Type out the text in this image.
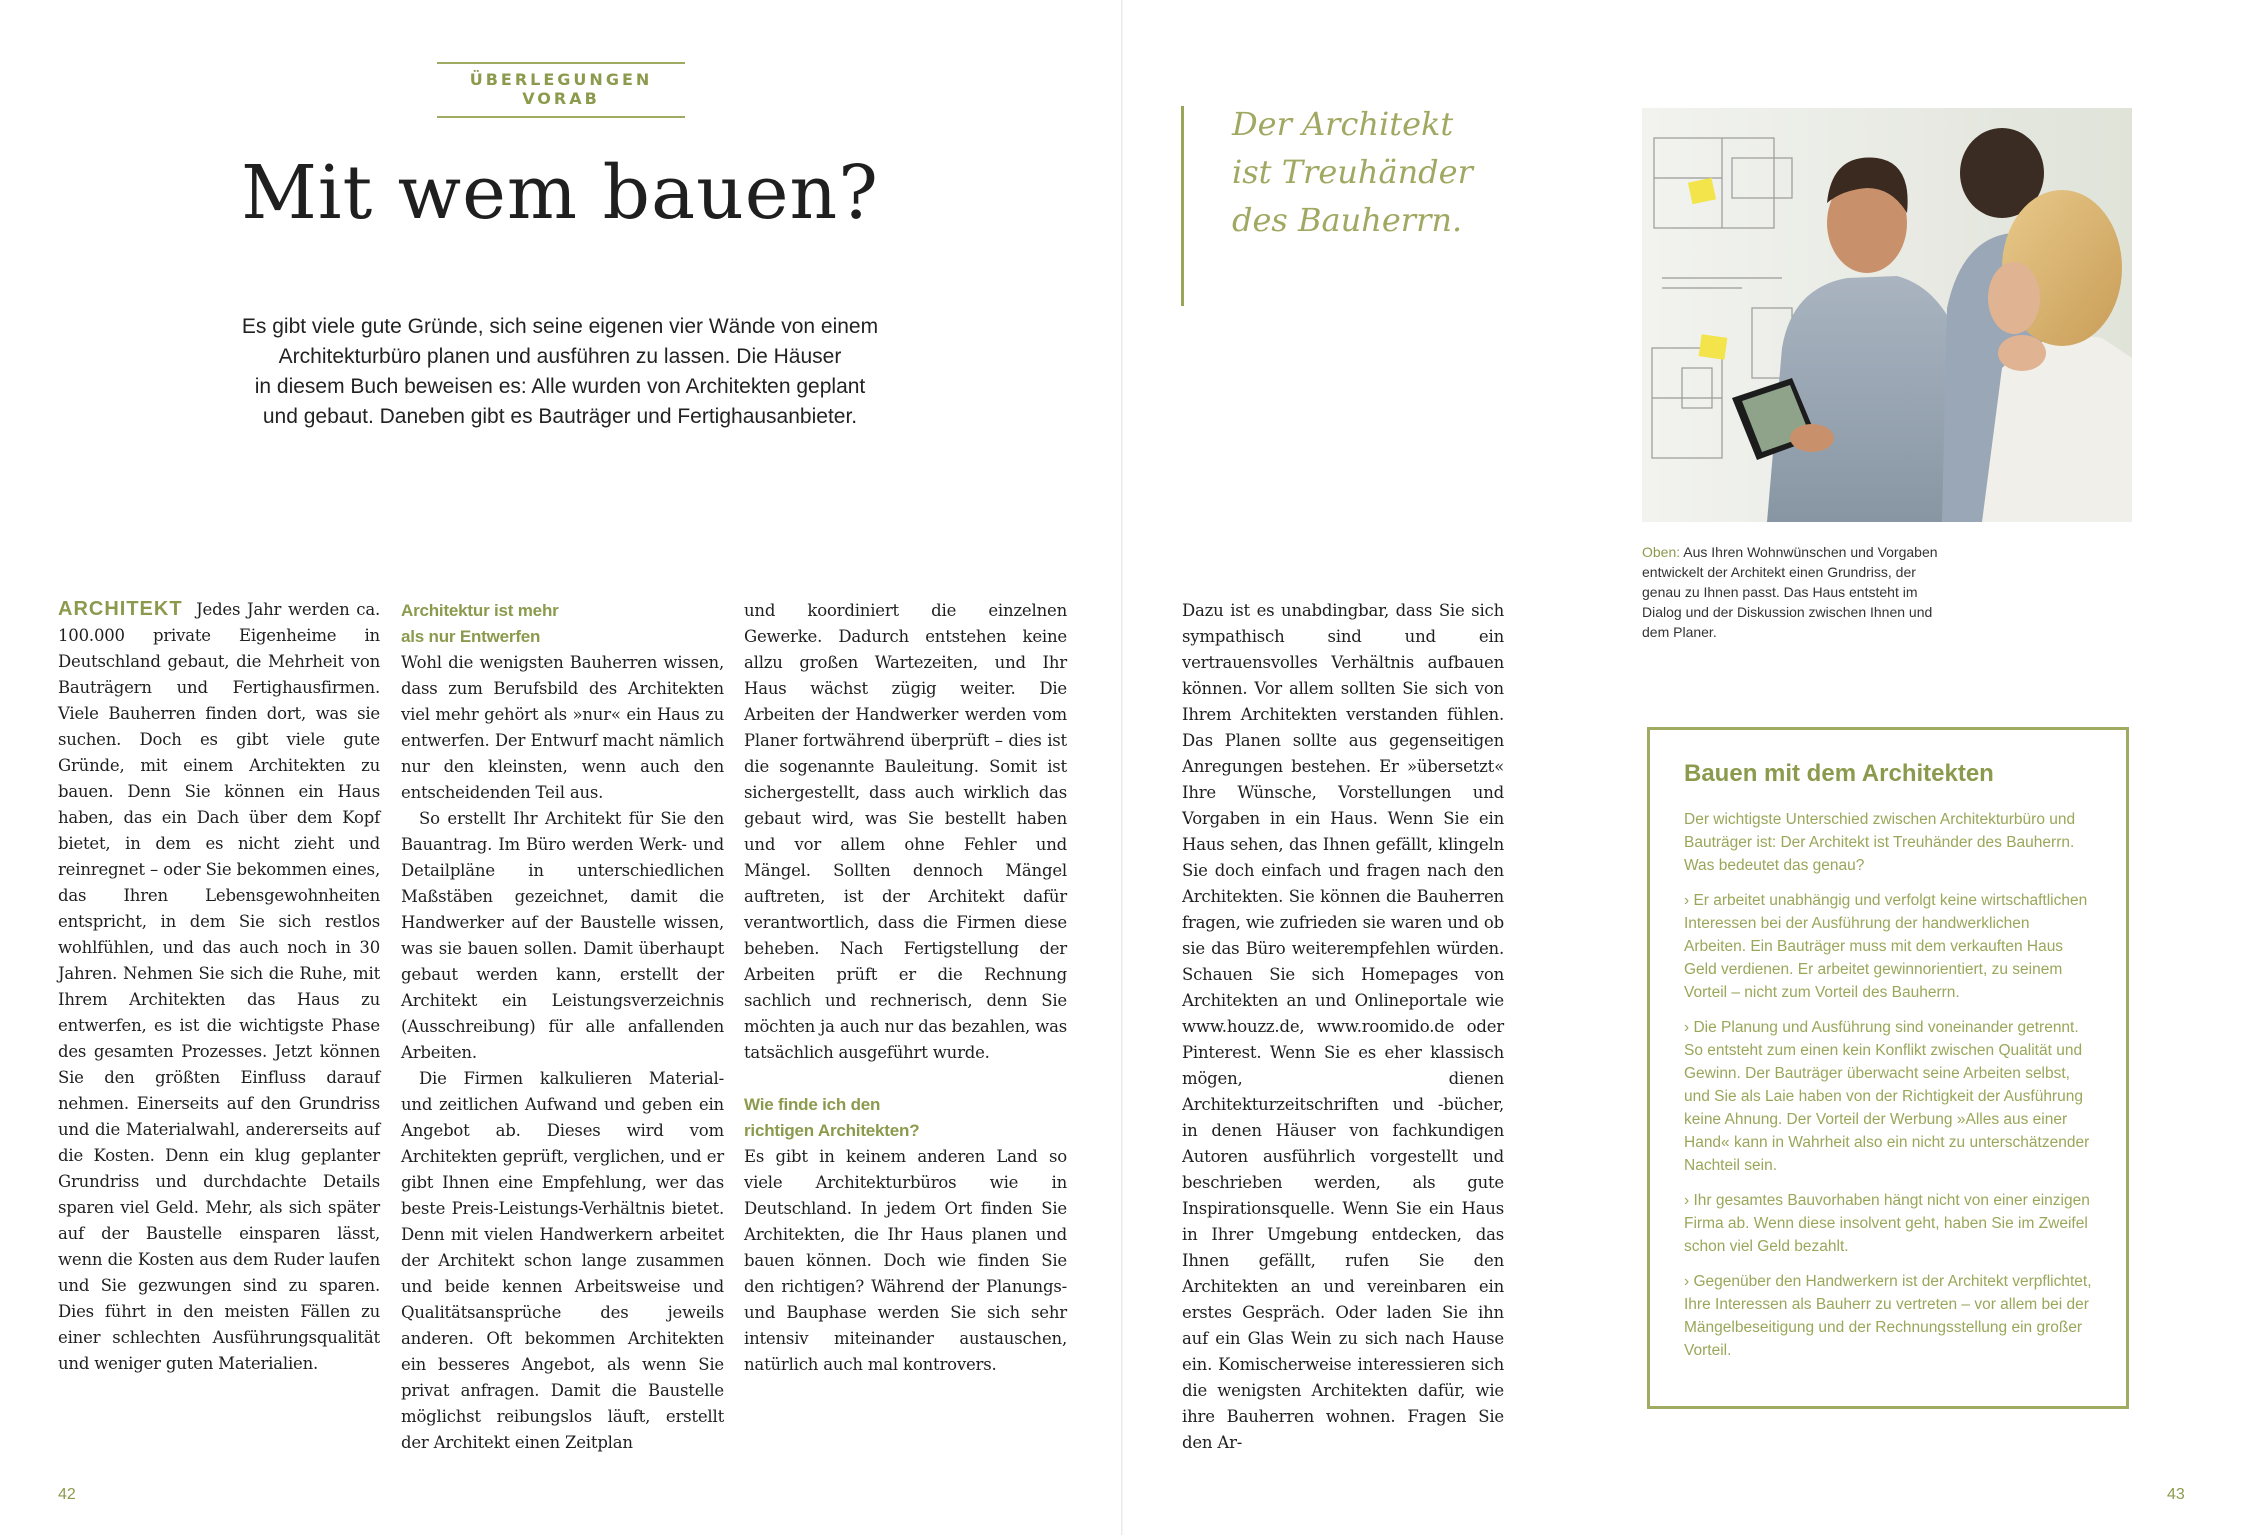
ÜBERLEGUNGEN VORAB
Mit wem bauen?
Es gibt viele gute Gründe, sich seine eigenen vier Wände von einem
Architekturbüro planen und ausführen zu lassen. Die Häuser
in diesem Buch beweisen es: Alle wurden von Architekten geplant
und gebaut. Daneben gibt es Bauträger und Fertighausanbieter.

ARCHITEKT Jedes Jahr werden ca. 100.000 private Eigenheime in Deutschland gebaut, die Mehrheit von Bauträgern und Fertighausfirmen. Viele Bauherren finden dort, was sie suchen. Doch es gibt viele gute Gründe, mit einem Architekten zu bauen. Denn Sie können ein Haus haben, das ein Dach über dem Kopf bietet, in dem es nicht zieht und reinregnet – oder Sie bekommen eines, das Ihren Lebensgewohnheiten entspricht, in dem Sie sich restlos wohlfühlen, und das auch noch in 30 Jahren. Nehmen Sie sich die Ruhe, mit Ihrem Architekten das Haus zu entwerfen, es ist die wichtigste Phase des gesamten Prozesses. Jetzt können Sie den größten Einfluss darauf nehmen. Einerseits auf den Grundriss und die Materialwahl, andererseits auf die Kosten. Denn ein klug geplanter Grundriss und durchdachte Details sparen viel Geld. Mehr, als sich später auf der Baustelle einsparen lässt, wenn die Kosten aus dem Ruder laufen und Sie gezwungen sind zu sparen. Dies führt in den meisten Fällen zu einer schlechten Ausführungsqualität und weniger guten Materialien.

Architektur ist mehr
als nur Entwerfen

Wohl die wenigsten Bauherren wissen, dass zum Berufsbild des Architekten viel mehr gehört als »nur« ein Haus zu entwerfen. Der Entwurf macht nämlich nur den kleinsten, wenn auch den entscheidenden Teil aus.

So erstellt Ihr Architekt für Sie den Bauantrag. Im Büro werden Werk- und Detailpläne in unterschiedlichen Maßstäben gezeichnet, damit die Handwerker auf der Baustelle wissen, was sie bauen sollen. Damit überhaupt gebaut werden kann, erstellt der Architekt ein Leistungsverzeichnis (Ausschreibung) für alle anfallenden Arbeiten.

Die Firmen kalkulieren Material- und zeitlichen Aufwand und geben ein Angebot ab. Dieses wird vom Architekten geprüft, verglichen, und er gibt Ihnen eine Empfehlung, wer das beste Preis-Leistungs-Verhältnis bietet. Denn mit vielen Handwerkern arbeitet der Architekt schon lange zusammen und beide kennen Arbeitsweise und Qualitätsansprüche des jeweils anderen. Oft bekommen Architekten ein besseres Angebot, als wenn Sie privat anfragen. Damit die Baustelle möglichst reibungslos läuft, erstellt der Architekt einen Zeitplan

und koordiniert die einzelnen Gewerke. Dadurch entstehen keine allzu großen Wartezeiten, und Ihr Haus wächst zügig weiter. Die Arbeiten der Handwerker werden vom Planer fortwährend überprüft – dies ist die sogenannte Bauleitung. Somit ist sichergestellt, dass auch wirklich das gebaut wird, was Sie bestellt haben und vor allem ohne Fehler und Mängel. Sollten dennoch Mängel auftreten, ist der Architekt dafür verantwortlich, dass die Firmen diese beheben. Nach Fertigstellung der Arbeiten prüft er die Rechnung sachlich und rechnerisch, denn Sie möchten ja auch nur das bezahlen, was tatsächlich ausgeführt wurde.

Wie finde ich den
richtigen Architekten?

Es gibt in keinem anderen Land so viele Architekturbüros wie in Deutschland. In jedem Ort finden Sie Architekten, die Ihr Haus planen und bauen können. Doch wie finden Sie den richtigen? Während der Planungs- und Bauphase werden Sie sich sehr intensiv miteinander austauschen, natürlich auch mal kontrovers.

42
Der Architekt
ist Treuhänder
des Bauherrn.

Oben: Aus Ihren Wohnwünschen und Vorgaben entwickelt der Architekt einen Grundriss, der genau zu Ihnen passt. Das Haus entsteht im Dialog und der Diskussion zwischen Ihnen und dem Planer.

Dazu ist es unabdingbar, dass Sie sich sympathisch sind und ein vertrauensvolles Verhältnis aufbauen können. Vor allem sollten Sie sich von Ihrem Architekten verstanden fühlen. Das Planen sollte aus gegenseitigen Anregungen bestehen. Er »übersetzt« Ihre Wünsche, Vorstellungen und Vorgaben in ein Haus. Wenn Sie ein Haus sehen, das Ihnen gefällt, klingeln Sie doch einfach und fragen nach den Architekten. Sie können die Bauherren fragen, wie zufrieden sie waren und ob sie das Büro weiterempfehlen würden. Schauen Sie sich Homepages von Architekten an und Onlineportale wie www.houzz.de, www.roomido.de oder Pinterest. Wenn Sie es eher klassisch mögen, dienen Architekturzeitschriften und -bücher, in denen Häuser von fachkundigen Autoren ausführlich vorgestellt und beschrieben werden, als gute Inspirationsquelle. Wenn Sie ein Haus in Ihrer Umgebung entdecken, das Ihnen gefällt, rufen Sie den Architekten an und vereinbaren ein erstes Gespräch. Oder laden Sie ihn auf ein Glas Wein zu sich nach Hause ein. Komischerweise interessieren sich die wenigsten Architekten dafür, wie ihre Bauherren wohnen. Fragen Sie den Ar-

Bauen mit dem Architekten

Der wichtigste Unterschied zwischen Architekturbüro und Bauträger ist: Der Architekt ist Treuhänder des Bauherrn. Was bedeutet das genau?

› Er arbeitet unabhängig und verfolgt keine wirtschaftlichen Interessen bei der Ausführung der handwerklichen Arbeiten. Ein Bauträger muss mit dem verkauften Haus Geld verdienen. Er arbeitet gewinnorientiert, zu seinem Vorteil – nicht zum Vorteil des Bauherrn.

› Die Planung und Ausführung sind voneinander getrennt. So entsteht zum einen kein Konflikt zwischen Qualität und Gewinn. Der Bauträger überwacht seine Arbeiten selbst, und Sie als Laie haben von der Richtigkeit der Ausführung keine Ahnung. Der Vorteil der Werbung »Alles aus einer Hand« kann in Wahrheit also ein nicht zu unterschätzender Nachteil sein.

› Ihr gesamtes Bauvorhaben hängt nicht von einer einzigen Firma ab. Wenn diese insolvent geht, haben Sie im Zweifel schon viel Geld bezahlt.

› Gegenüber den Handwerkern ist der Architekt verpflichtet, Ihre Interessen als Bauherr zu vertreten – vor allem bei der Mängelbeseitigung und der Rechnungsstellung ein großer Vorteil.

43
